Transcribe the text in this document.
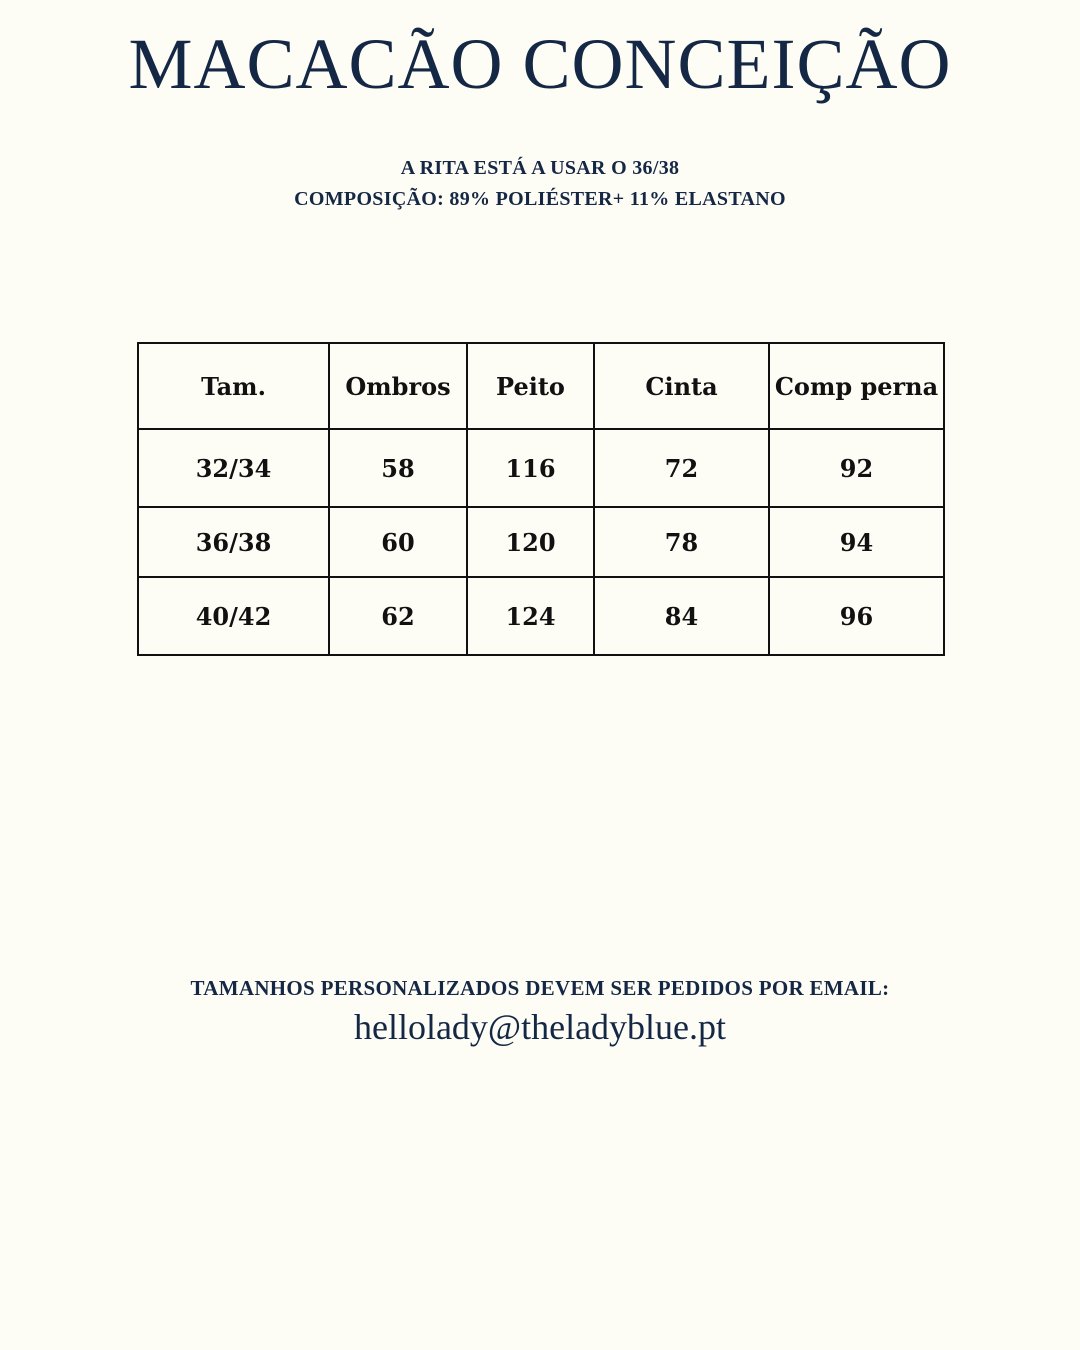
MACACÃO CONCEIÇÃO
A RITA ESTÁ A USAR O 36/38
COMPOSIÇÃO: 89% POLIÉSTER+ 11% ELASTANO
Tam.	Ombros	Peito	Cinta	Comp perna
32/34	58	116	72	92
36/38	60	120	78	94
40/42	62	124	84	96
TAMANHOS PERSONALIZADOS DEVEM SER PEDIDOS POR EMAIL:
hellolady@theladyblue.pt
